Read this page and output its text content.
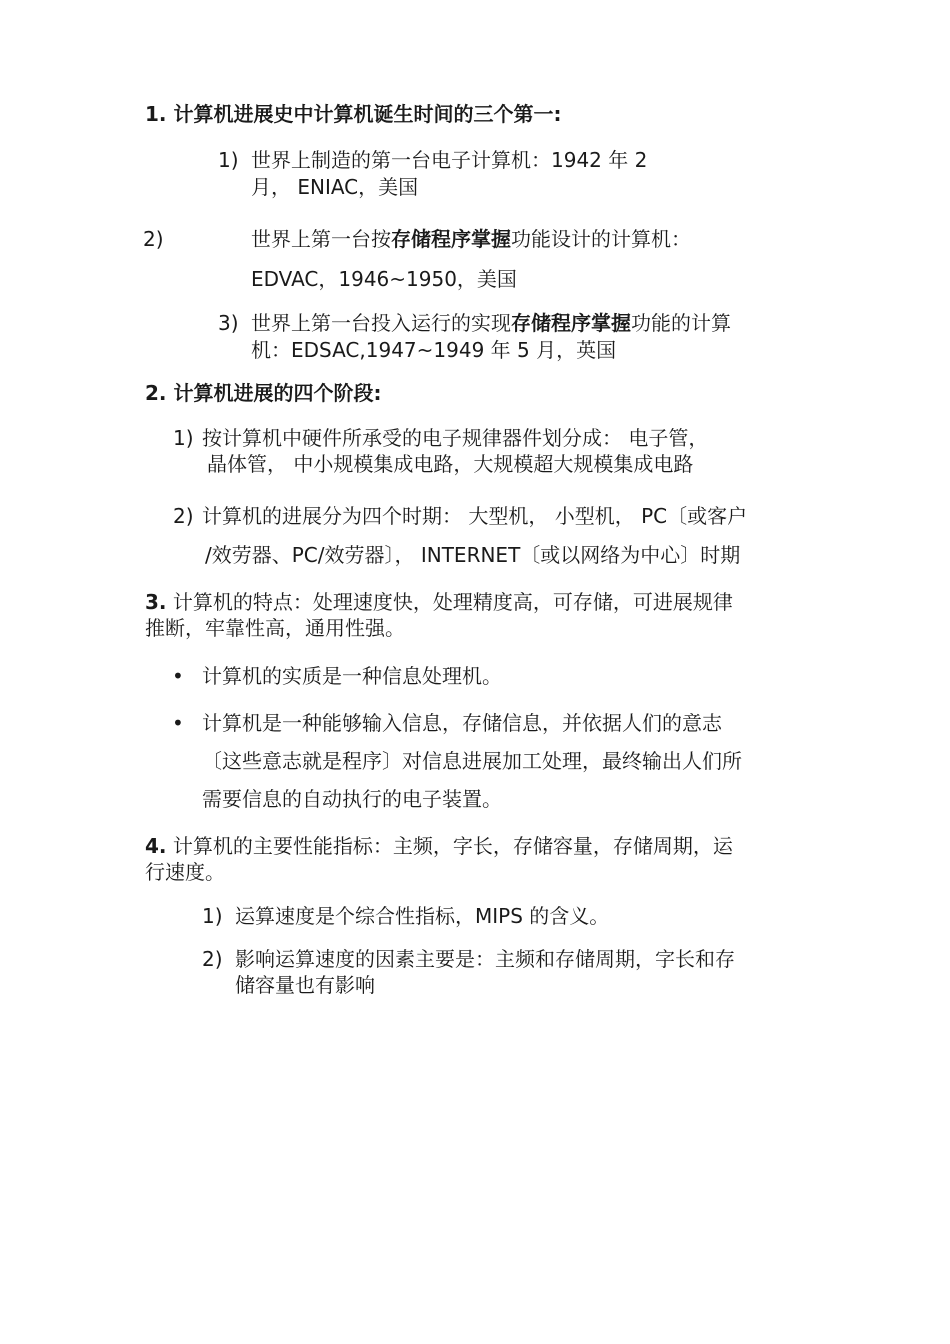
1. 计算机进展史中计算机诞生时间的三个第一:
1) 世界上制造的第一台电子计算机：1942 年 2
月， ENIAC，美国
2)	世界上第一台按存储程序掌握功能设计的计算机：
EDVAC，1946~1950，美国
3) 世界上第一台投入运行的实现存储程序掌握功能的计算
机：EDSAC,1947~1949 年 5 月，英国
2. 计算机进展的四个阶段:
1) 按计算机中硬件所承受的电子规律器件划分成： 电子管，
晶体管， 中小规模集成电路，大规模超大规模集成电路
2) 计算机的进展分为四个时期： 大型机， 小型机， PC〔或客户
/效劳器、PC/效劳器〕， INTERNET〔或以网络为中心〕时期
3. 计算机的特点：处理速度快，处理精度高，可存储，可进展规律
推断，牢靠性高，通用性强。
• 计算机的实质是一种信息处理机。
• 计算机是一种能够输入信息，存储信息，并依据人们的意志
〔这些意志就是程序〕对信息进展加工处理，最终输出人们所
需要信息的自动执行的电子装置。
4. 计算机的主要性能指标：主频，字长，存储容量，存储周期，运
行速度。
1) 运算速度是个综合性指标，MIPS 的含义。
2) 影响运算速度的因素主要是：主频和存储周期，字长和存
储容量也有影响
